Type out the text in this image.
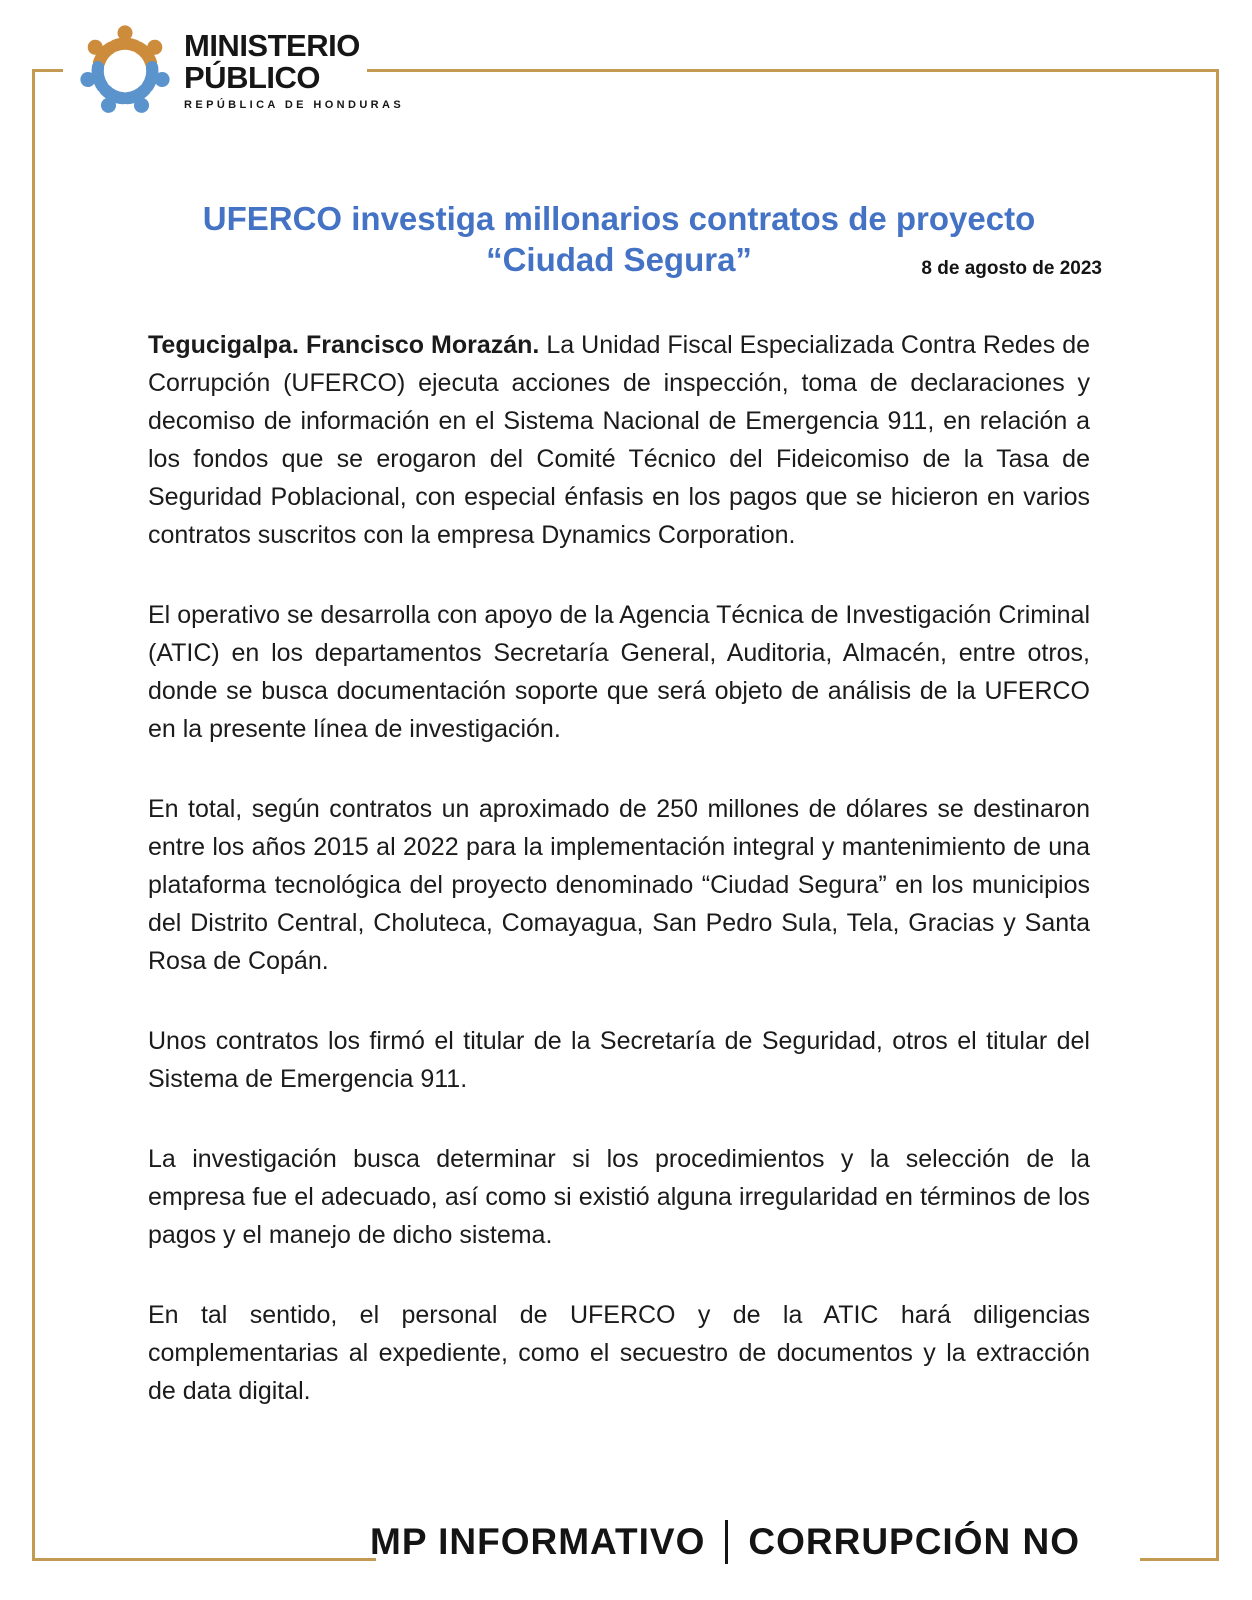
MINISTERIO
PÚBLICO
REPÚBLICA DE HONDURAS
UFERCO investiga millonarios contratos de proyecto
“Ciudad Segura”	8 de agosto de 2023

Tegucigalpa. Francisco Morazán. La Unidad Fiscal Especializada Contra Redes de Corrupción (UFERCO) ejecuta acciones de inspección, toma de declaraciones y decomiso de información en el Sistema Nacional de Emergencia 911, en relación a los fondos que se erogaron del Comité Técnico del Fideicomiso de la Tasa de Seguridad Poblacional, con especial énfasis en los pagos que se hicieron en varios contratos suscritos con la empresa Dynamics Corporation.

El operativo se desarrolla con apoyo de la Agencia Técnica de Investigación Criminal (ATIC) en los departamentos Secretaría General, Auditoria, Almacén, entre otros, donde se busca documentación soporte que será objeto de análisis de la UFERCO en la presente línea de investigación.

En total, según contratos un aproximado de 250 millones de dólares se destinaron entre los años 2015 al 2022 para la implementación integral y mantenimiento de una plataforma tecnológica del proyecto denominado “Ciudad Segura” en los municipios del Distrito Central, Choluteca, Comayagua, San Pedro Sula, Tela, Gracias y Santa Rosa de Copán.

Unos contratos los firmó el titular de la Secretaría de Seguridad, otros el titular del Sistema de Emergencia 911.

La investigación busca determinar si los procedimientos y la selección de la empresa fue el adecuado, así como si existió alguna irregularidad en términos de los pagos y el manejo de dicho sistema.

En tal sentido, el personal de UFERCO y de la ATIC hará diligencias complementarias al expediente, como el secuestro de documentos y la extracción de data digital.

MP INFORMATIVO CORRUPCIÓN NO
